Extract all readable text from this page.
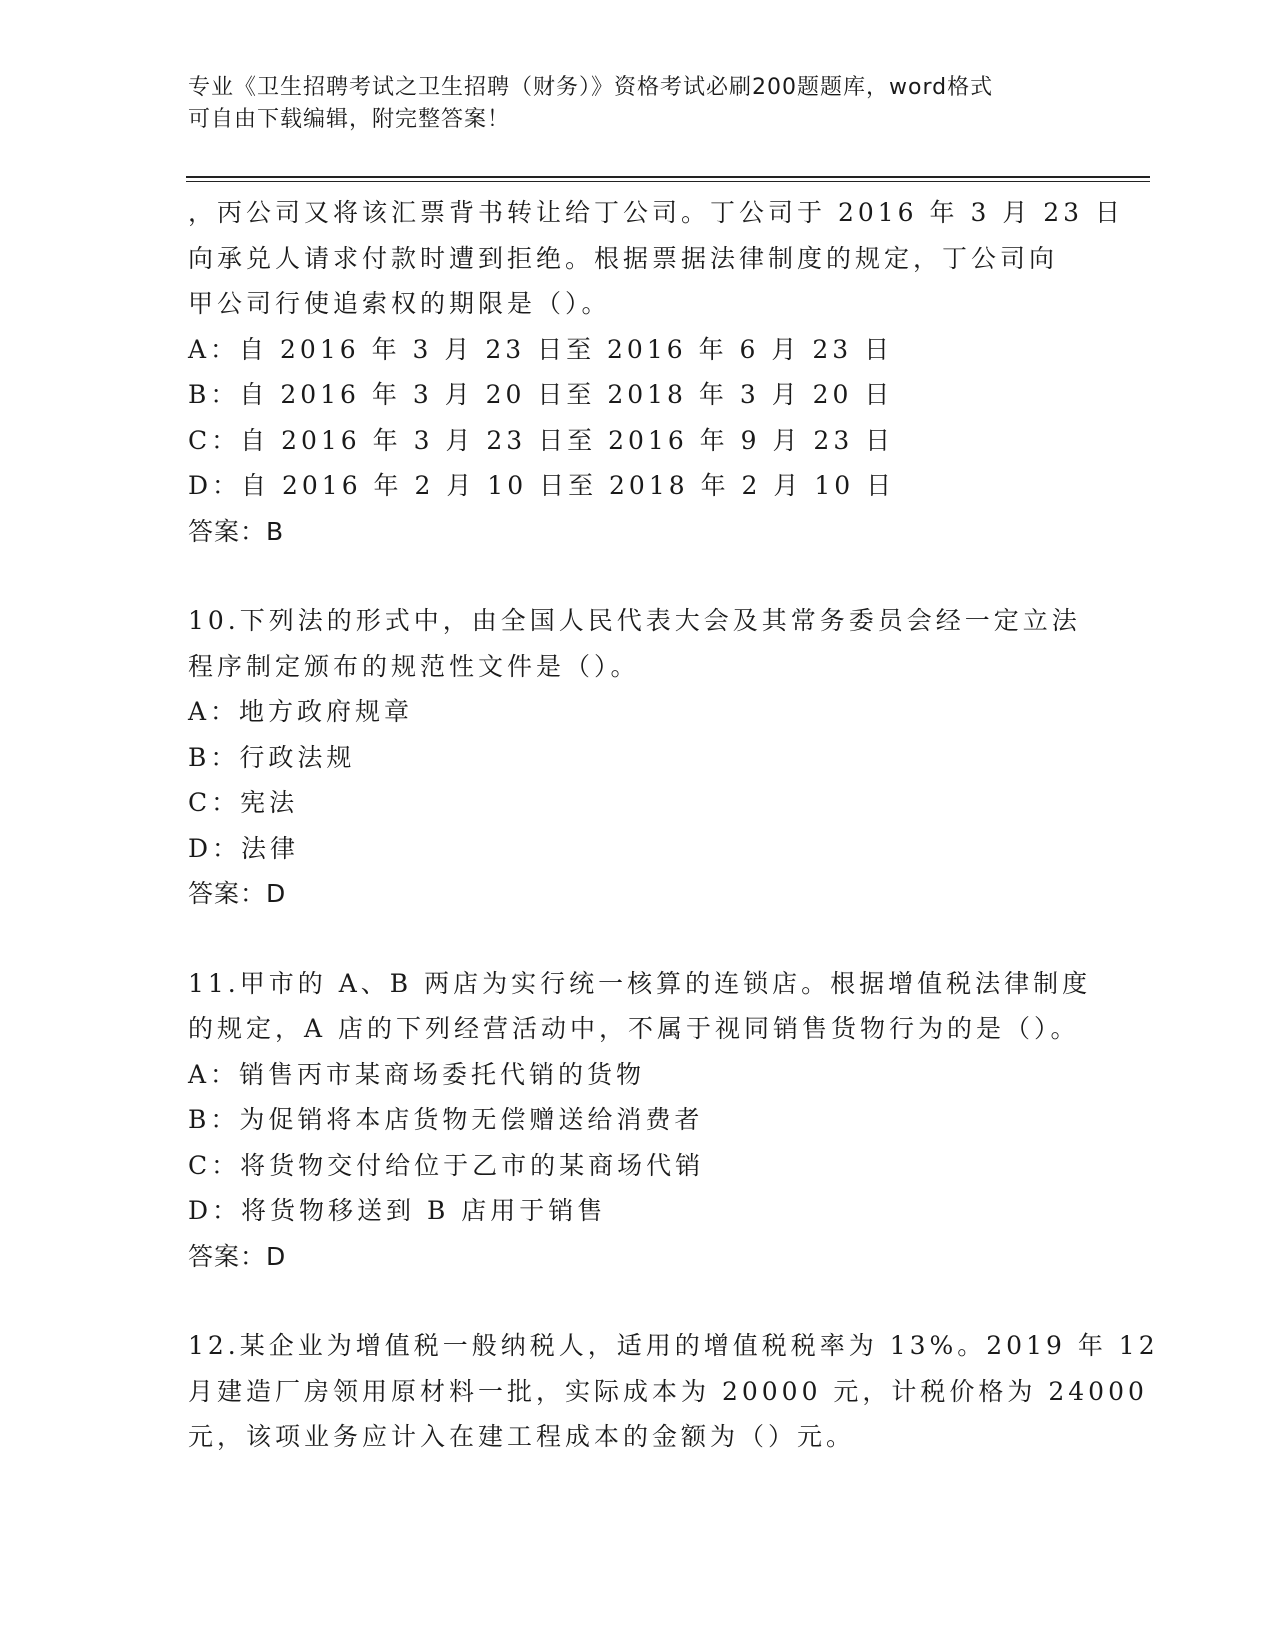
专业《卫生招聘考试之卫生招聘（财务）》资格考试必刷200题题库，word格式
可自由下载编辑，附完整答案！
，丙公司又将该汇票背书转让给丁公司。丁公司于 2016 年 3 月 23 日
向承兑人请求付款时遭到拒绝。根据票据法律制度的规定，丁公司向
甲公司行使追索权的期限是（）。
A：自 2016 年 3 月 23 日至 2016 年 6 月 23 日
B：自 2016 年 3 月 20 日至 2018 年 3 月 20 日
C：自 2016 年 3 月 23 日至 2016 年 9 月 23 日
D：自 2016 年 2 月 10 日至 2018 年 2 月 10 日
答案：B
10.下列法的形式中，由全国人民代表大会及其常务委员会经一定立法
程序制定颁布的规范性文件是（）。
A：地方政府规章
B：行政法规
C：宪法
D：法律
答案：D
11.甲市的 A、B 两店为实行统一核算的连锁店。根据增值税法律制度
的规定，A 店的下列经营活动中，不属于视同销售货物行为的是（）。
A：销售丙市某商场委托代销的货物
B：为促销将本店货物无偿赠送给消费者
C：将货物交付给位于乙市的某商场代销
D：将货物移送到 B 店用于销售
答案：D
12.某企业为增值税一般纳税人，适用的增值税税率为 13%。2019 年 12
月建造厂房领用原材料一批，实际成本为 20000 元，计税价格为 24000
元，该项业务应计入在建工程成本的金额为（）元。
